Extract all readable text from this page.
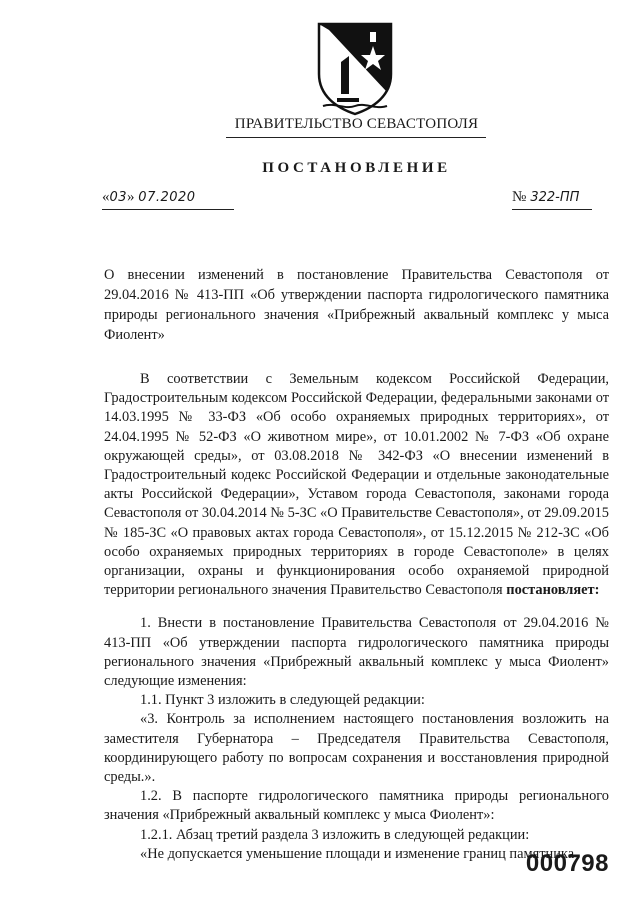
ПРАВИТЕЛЬСТВО СЕВАСТОПОЛЯ
ПОСТАНОВЛЕНИЕ
«03» 07.2020	№ 322-ПП
О внесении изменений в постановление Правительства Севастополя от 29.04.2016 № 413-ПП «Об утверждении паспорта гидрологического памятника природы регионального значения «Прибрежный аквальный комплекс у мыса Фиолент»

В соответствии с Земельным кодексом Российской Федерации, Градостроительным кодексом Российской Федерации, федеральными законами от 14.03.1995 № 33-ФЗ «Об особо охраняемых природных территориях», от 24.04.1995 № 52-ФЗ «О животном мире», от 10.01.2002 № 7-ФЗ «Об охране окружающей среды», от 03.08.2018 № 342-ФЗ «О внесении изменений в Градостроительный кодекс Российской Федерации и отдельные законодательные акты Российской Федерации», Уставом города Севастополя, законами города Севастополя от 30.04.2014 № 5-ЗС «О Правительстве Севастополя», от 29.09.2015 № 185-ЗС «О правовых актах города Севастополя», от 15.12.2015 № 212-ЗС «Об особо охраняемых природных территориях в городе Севастополе» в целях организации, охраны и функционирования особо охраняемой природной территории регионального значения Правительство Севастополя постановляет:

1. Внести в постановление Правительства Севастополя от 29.04.2016 № 413-ПП «Об утверждении паспорта гидрологического памятника природы регионального значения «Прибрежный аквальный комплекс у мыса Фиолент» следующие изменения:

1.1. Пункт 3 изложить в следующей редакции:

«3. Контроль за исполнением настоящего постановления возложить на заместителя Губернатора – Председателя Правительства Севастополя, координирующего работу по вопросам сохранения и восстановления природной среды.».

1.2. В паспорте гидрологического памятника природы регионального значения «Прибрежный аквальный комплекс у мыса Фиолент»:

1.2.1. Абзац третий раздела 3 изложить в следующей редакции:

«Не допускается уменьшение площади и изменение границ памятника

000798
